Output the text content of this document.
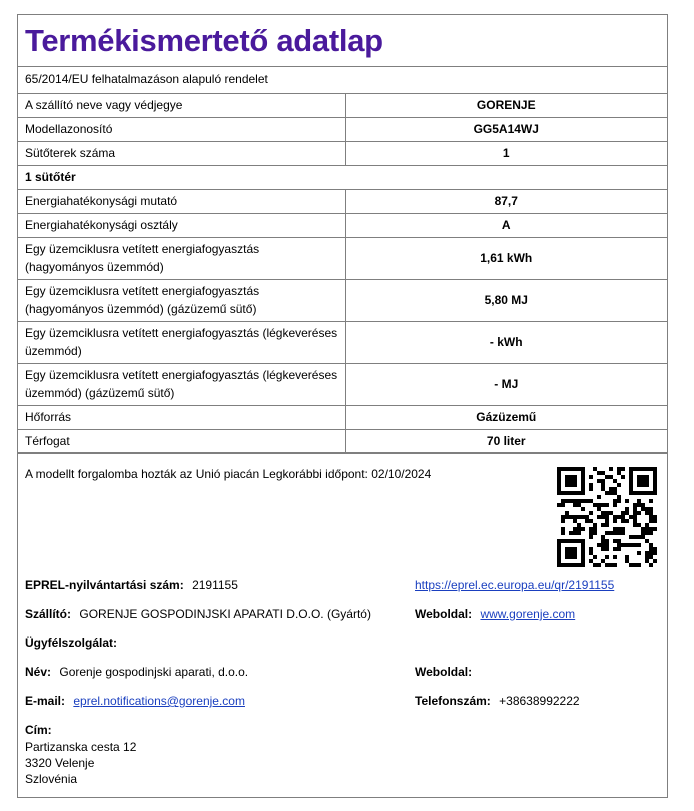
Termékismertető adatlap
65/2014/EU felhatalmazáson alapuló rendelet
A szállító neve vagy védjegye	GORENJE
Modellazonosító	GG5A14WJ
Sütőterek száma	1
1 sütőtér	
Energiahatékonysági mutató	87,7
Energiahatékonysági osztály	A
Egy üzemciklusra vetített energiafogyasztás (hagyományos üzemmód)	1,61 kWh
Egy üzemciklusra vetített energiafogyasztás (hagyományos üzemmód) (gázüzemű sütő)	5,80 MJ
Egy üzemciklusra vetített energiafogyasztás (légkeveréses üzemmód)	- kWh
Egy üzemciklusra vetített energiafogyasztás (légkeveréses üzemmód) (gázüzemű sütő)	- MJ
Hőforrás	Gázüzemű
Térfogat	70 liter
A modellt forgalomba hozták az Unió piacán Legkorábbi időpont: 02/10/2024
EPREL-nyilvántartási szám: 2191155	https://eprel.ec.europa.eu/qr/2191155
Szállító: GORENJE GOSPODINJSKI APARATI D.O.O. (Gyártó)	Weboldal: www.gorenje.com
Ügyfélszolgálat:
Név: Gorenje gospodinjski aparati, d.o.o.	Weboldal:
E-mail: eprel.notifications@gorenje.com	Telefonszám: +38638992222
Cím:
Partizanska cesta 12
3320 Velenje
Szlovénia
